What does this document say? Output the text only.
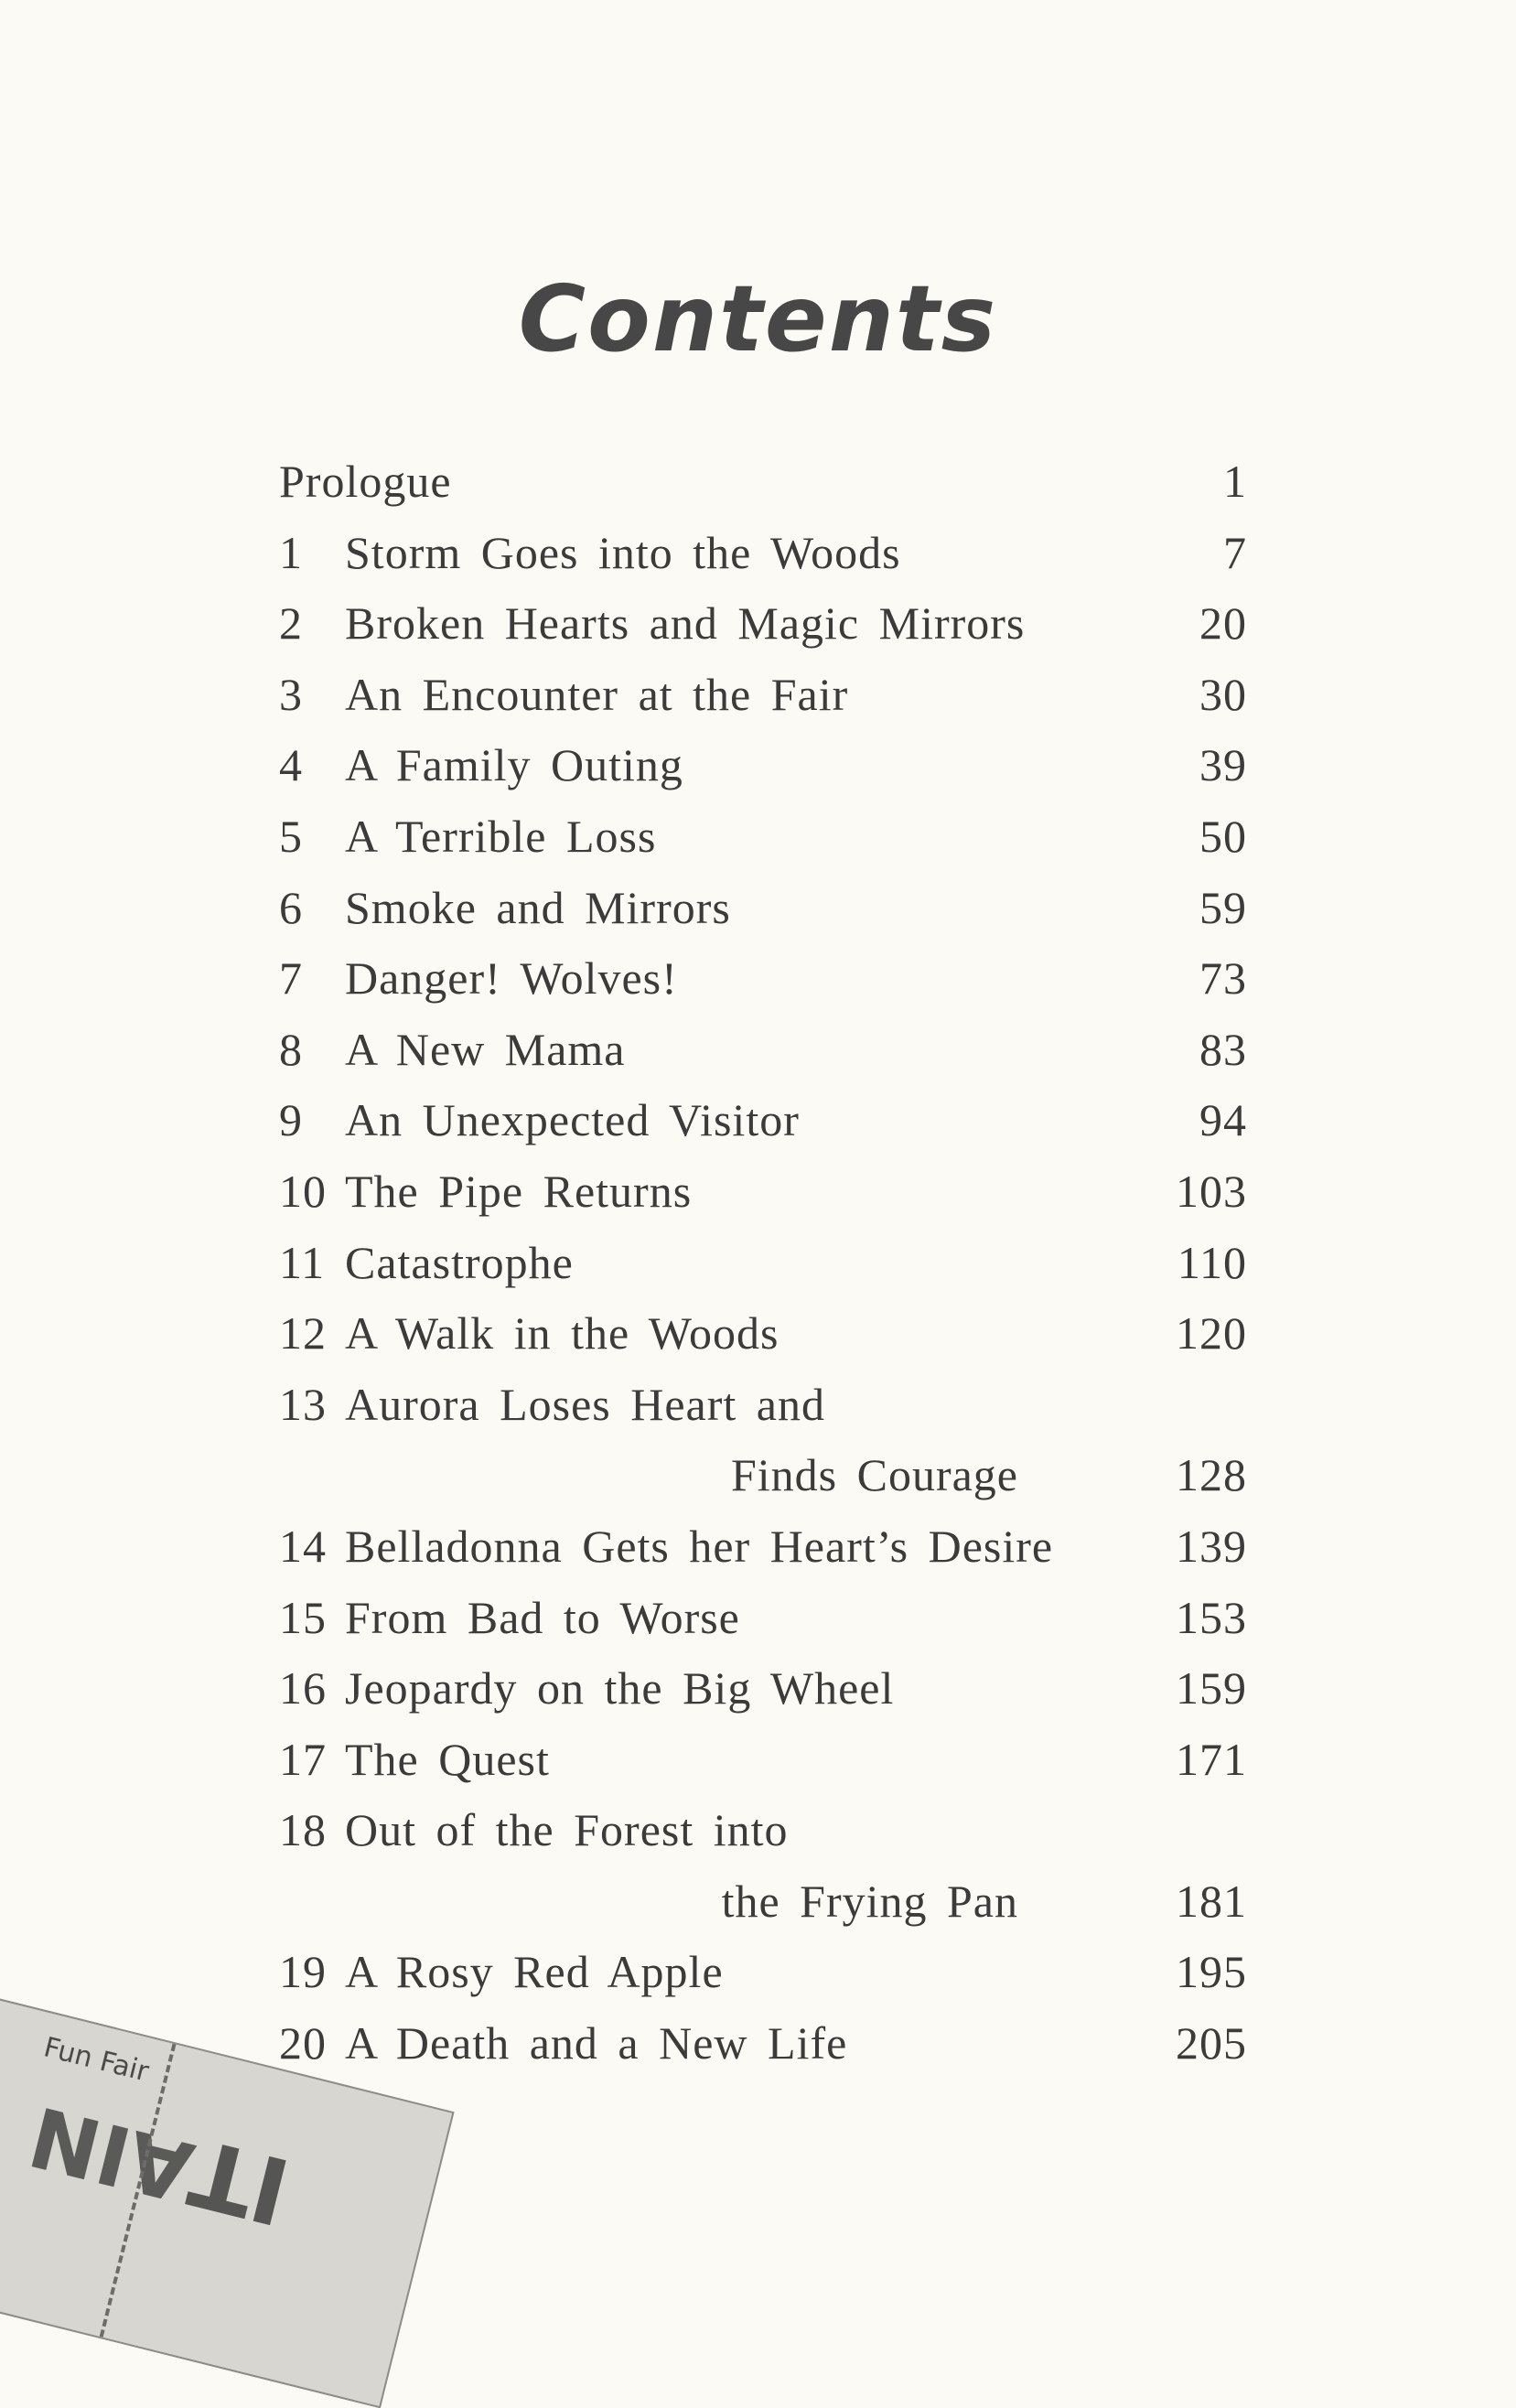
Contents
Prologue	1
1 Storm Goes into the Woods	7
2 Broken Hearts and Magic Mirrors	20
3 An Encounter at the Fair	30
4 A Family Outing	39
5 A Terrible Loss	50
6 Smoke and Mirrors	59
7 Danger! Wolves!	73
8 A New Mama	83
9 An Unexpected Visitor	94
10 The Pipe Returns	103
11 Catastrophe	110
12 A Walk in the Woods	120
13 Aurora Loses Heart and
Finds Courage	128
14 Belladonna Gets her Heart’s Desire	139
15 From Bad to Worse	153
16 Jeopardy on the Big Wheel	159
17 The Quest	171
18 Out of the Forest into
the Frying Pan	181
19 A Rosy Red Apple	195
20 A Death and a New Life	205
Fun Fair
AIN
IT
